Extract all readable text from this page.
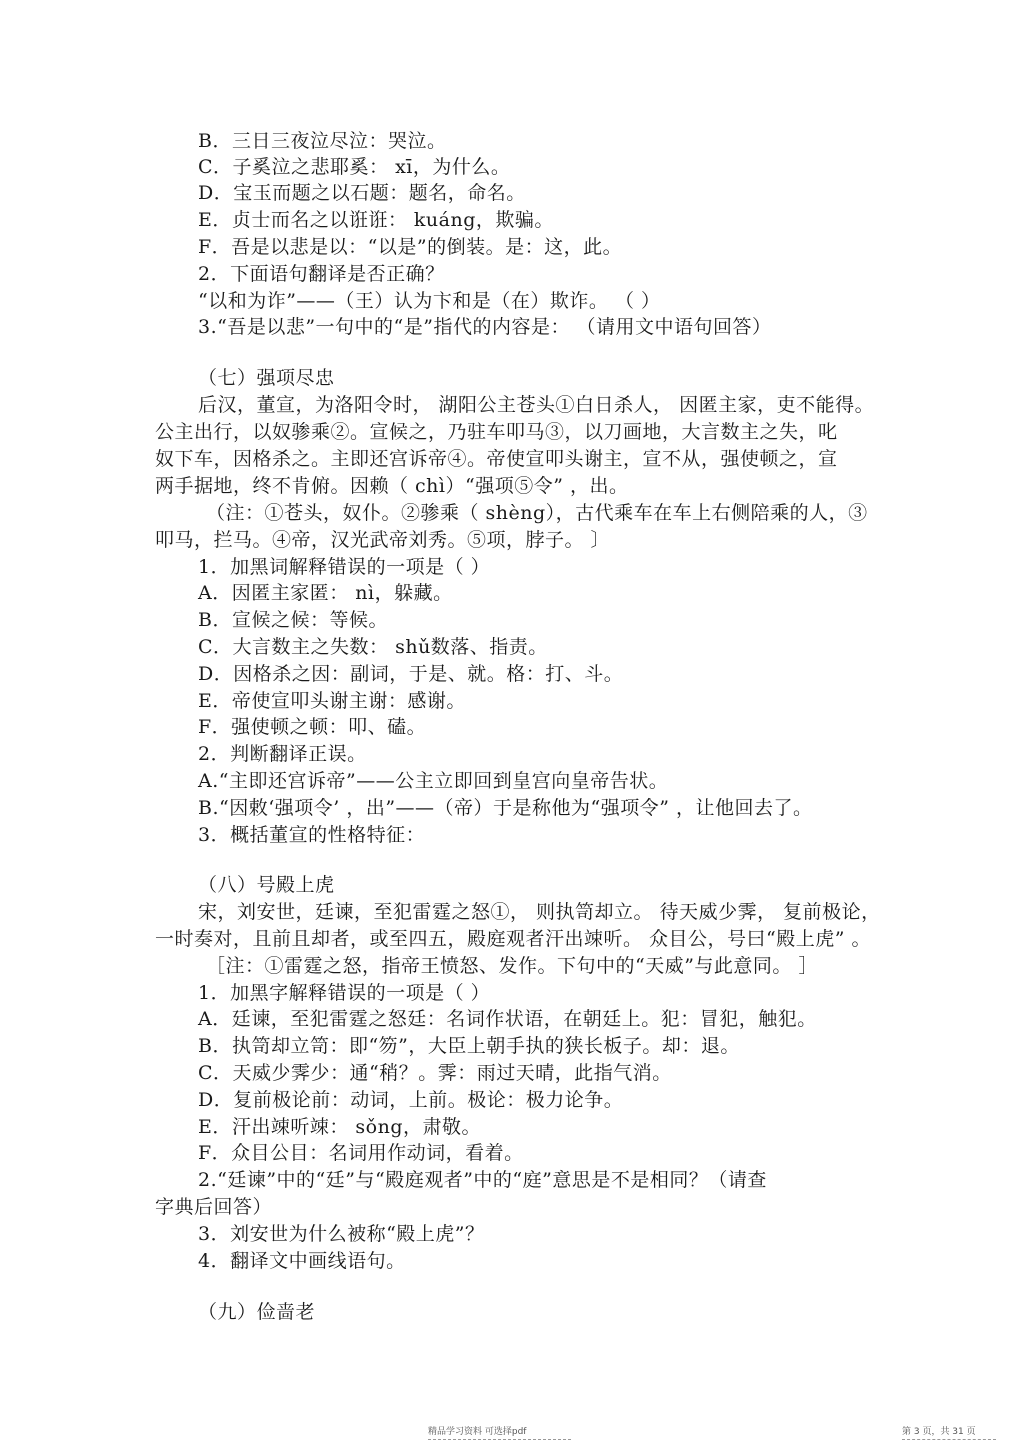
B．三日三夜泣尽泣：哭泣。
C．子奚泣之悲耶奚： xī，为什么。
D．宝玉而题之以石题：题名，命名。
E．贞士而名之以诳诳： kuáng，欺骗。
F．吾是以悲是以：“以是”的倒装。是：这，此。
2．下面语句翻译是否正确？
“以和为诈”——（王）认为卞和是（在）欺诈。 （ ）
3.“吾是以悲”一句中的“是”指代的内容是： （请用文中语句回答）
（七）强项尽忠
后汉，董宣，为洛阳令时， 湖阳公主苍头①白日杀人， 因匿主家，吏不能得。
公主出行，以奴骖乘②。宣候之，乃驻车叩马③，以刀画地，大言数主之失，叱
奴下车，因格杀之。主即还宫诉帝④。帝使宣叩头谢主，宣不从，强使顿之，宣
两手据地，终不肯俯。因赖（ chì）“强项⑤令” ，出。
（注：①苍头，奴仆。②骖乘（ shèng），古代乘车在车上右侧陪乘的人，③
叩马，拦马。④帝，汉光武帝刘秀。⑤项，脖子。 〕
1．加黑词解释错误的一项是（ ）
A．因匿主家匿： nì，躲藏。
B．宣候之候：等候。
C．大言数主之失数： shǔ数落、指责。
D．因格杀之因：副词，于是、就。格：打、斗。
E．帝使宣叩头谢主谢：感谢。
F．强使顿之顿：叩、磕。
2．判断翻译正误。
A.“主即还宫诉帝”——公主立即回到皇宫向皇帝告状。
B.“因敕‘强项令’ ，出”——（帝）于是称他为“强项令” ，让他回去了。
3．概括董宣的性格特征：
（八）号殿上虎
宋，刘安世，廷谏，至犯雷霆之怒①， 则执笥却立。 待天威少霁， 复前极论，
一时奏对，且前且却者，或至四五，殿庭观者汗出竦听。 众目公，号曰“殿上虎” 。
［注：①雷霆之怒，指帝王愤怒、发作。下句中的“天威”与此意同。 ］
1．加黑字解释错误的一项是（ ）
A．廷谏，至犯雷霆之怒廷：名词作状语，在朝廷上。犯：冒犯，触犯。
B．执笥却立笥：即“笏”，大臣上朝手执的狭长板子。却：退。
C．天威少霁少：通“稍？。霁：雨过天晴，此指气消。
D．复前极论前：动词，上前。极论：极力论争。
E．汗出竦听竦： sǒng，肃敬。
F．众目公目：名词用作动词，看着。
2.“廷谏”中的“廷”与“殿庭观者”中的“庭”意思是不是相同？（请查
字典后回答）
3．刘安世为什么被称“殿上虎”？
4．翻译文中画线语句。
（九）俭啬老
精品学习资料 可选择pdf	第 3 页，共 31 页
